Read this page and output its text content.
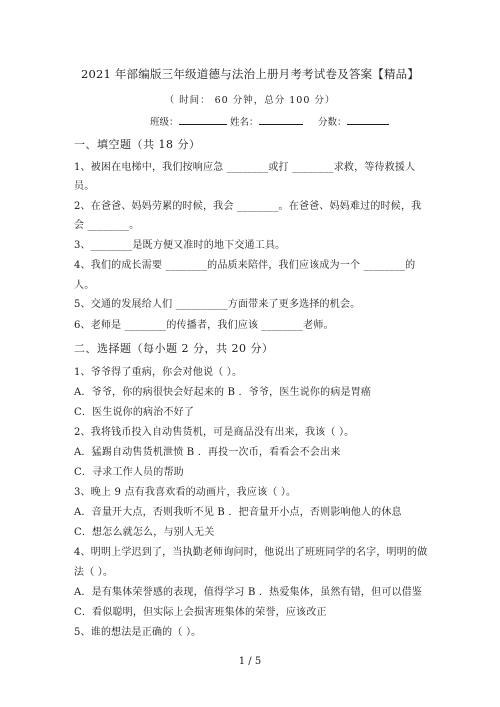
2021 年部编版三年级道德与法治上册月考考试卷及答案【精品】
（ 时间： 60 分钟，总分 100 分）
班级：	姓名：	分数：
一、填空题（共 18 分）
1、被困在电梯中，我们按响应急 ________或打 ________求救，等待救援人
员。
2、在爸爸、妈妈劳累的时候，我会 ________。在爸爸、妈妈难过的时候，我
会 ________。
3、________是既方便又准时的地下交通工具。
4、我们的成长需要 ________的品质来陪伴，我们应该成为一个 ________的
人。
5、交通的发展给人们 __________方面带来了更多选择的机会。
6、老师是 ________的传播者，我们应该 ________老师。
二、选择题（每小题 2 分，共 20 分）
1、爷爷得了重病，你会对他说（ ）。
A．爷爷，你的病很快会好起来的 B ．爷爷，医生说你的病是胃癌
C．医生说你的病治不好了
2、我将钱币投入自动售货机，可是商品没有出来，我该（ ）。
A．猛踢自动售货机泄愤 B ．再投一次币，看看会不会出来
C．寻求工作人员的帮助
3、晚上 9 点有我喜欢看的动画片，我应该（ ）。
A．音量开大点，否则我听不见 B ．把音量开小点，否则影响他人的休息
C．想怎么就怎么，与别人无关
4、明明上学迟到了，当执勤老师询问时，他说出了班班同学的名字，明明的做
法（ ）。
A．是有集体荣誉感的表现，值得学习 B ．热爱集体，虽然有错，但可以借鉴
C．看似聪明，但实际上会损害班集体的荣誉，应该改正
5、谁的想法是正确的（ ）。
1 / 5
